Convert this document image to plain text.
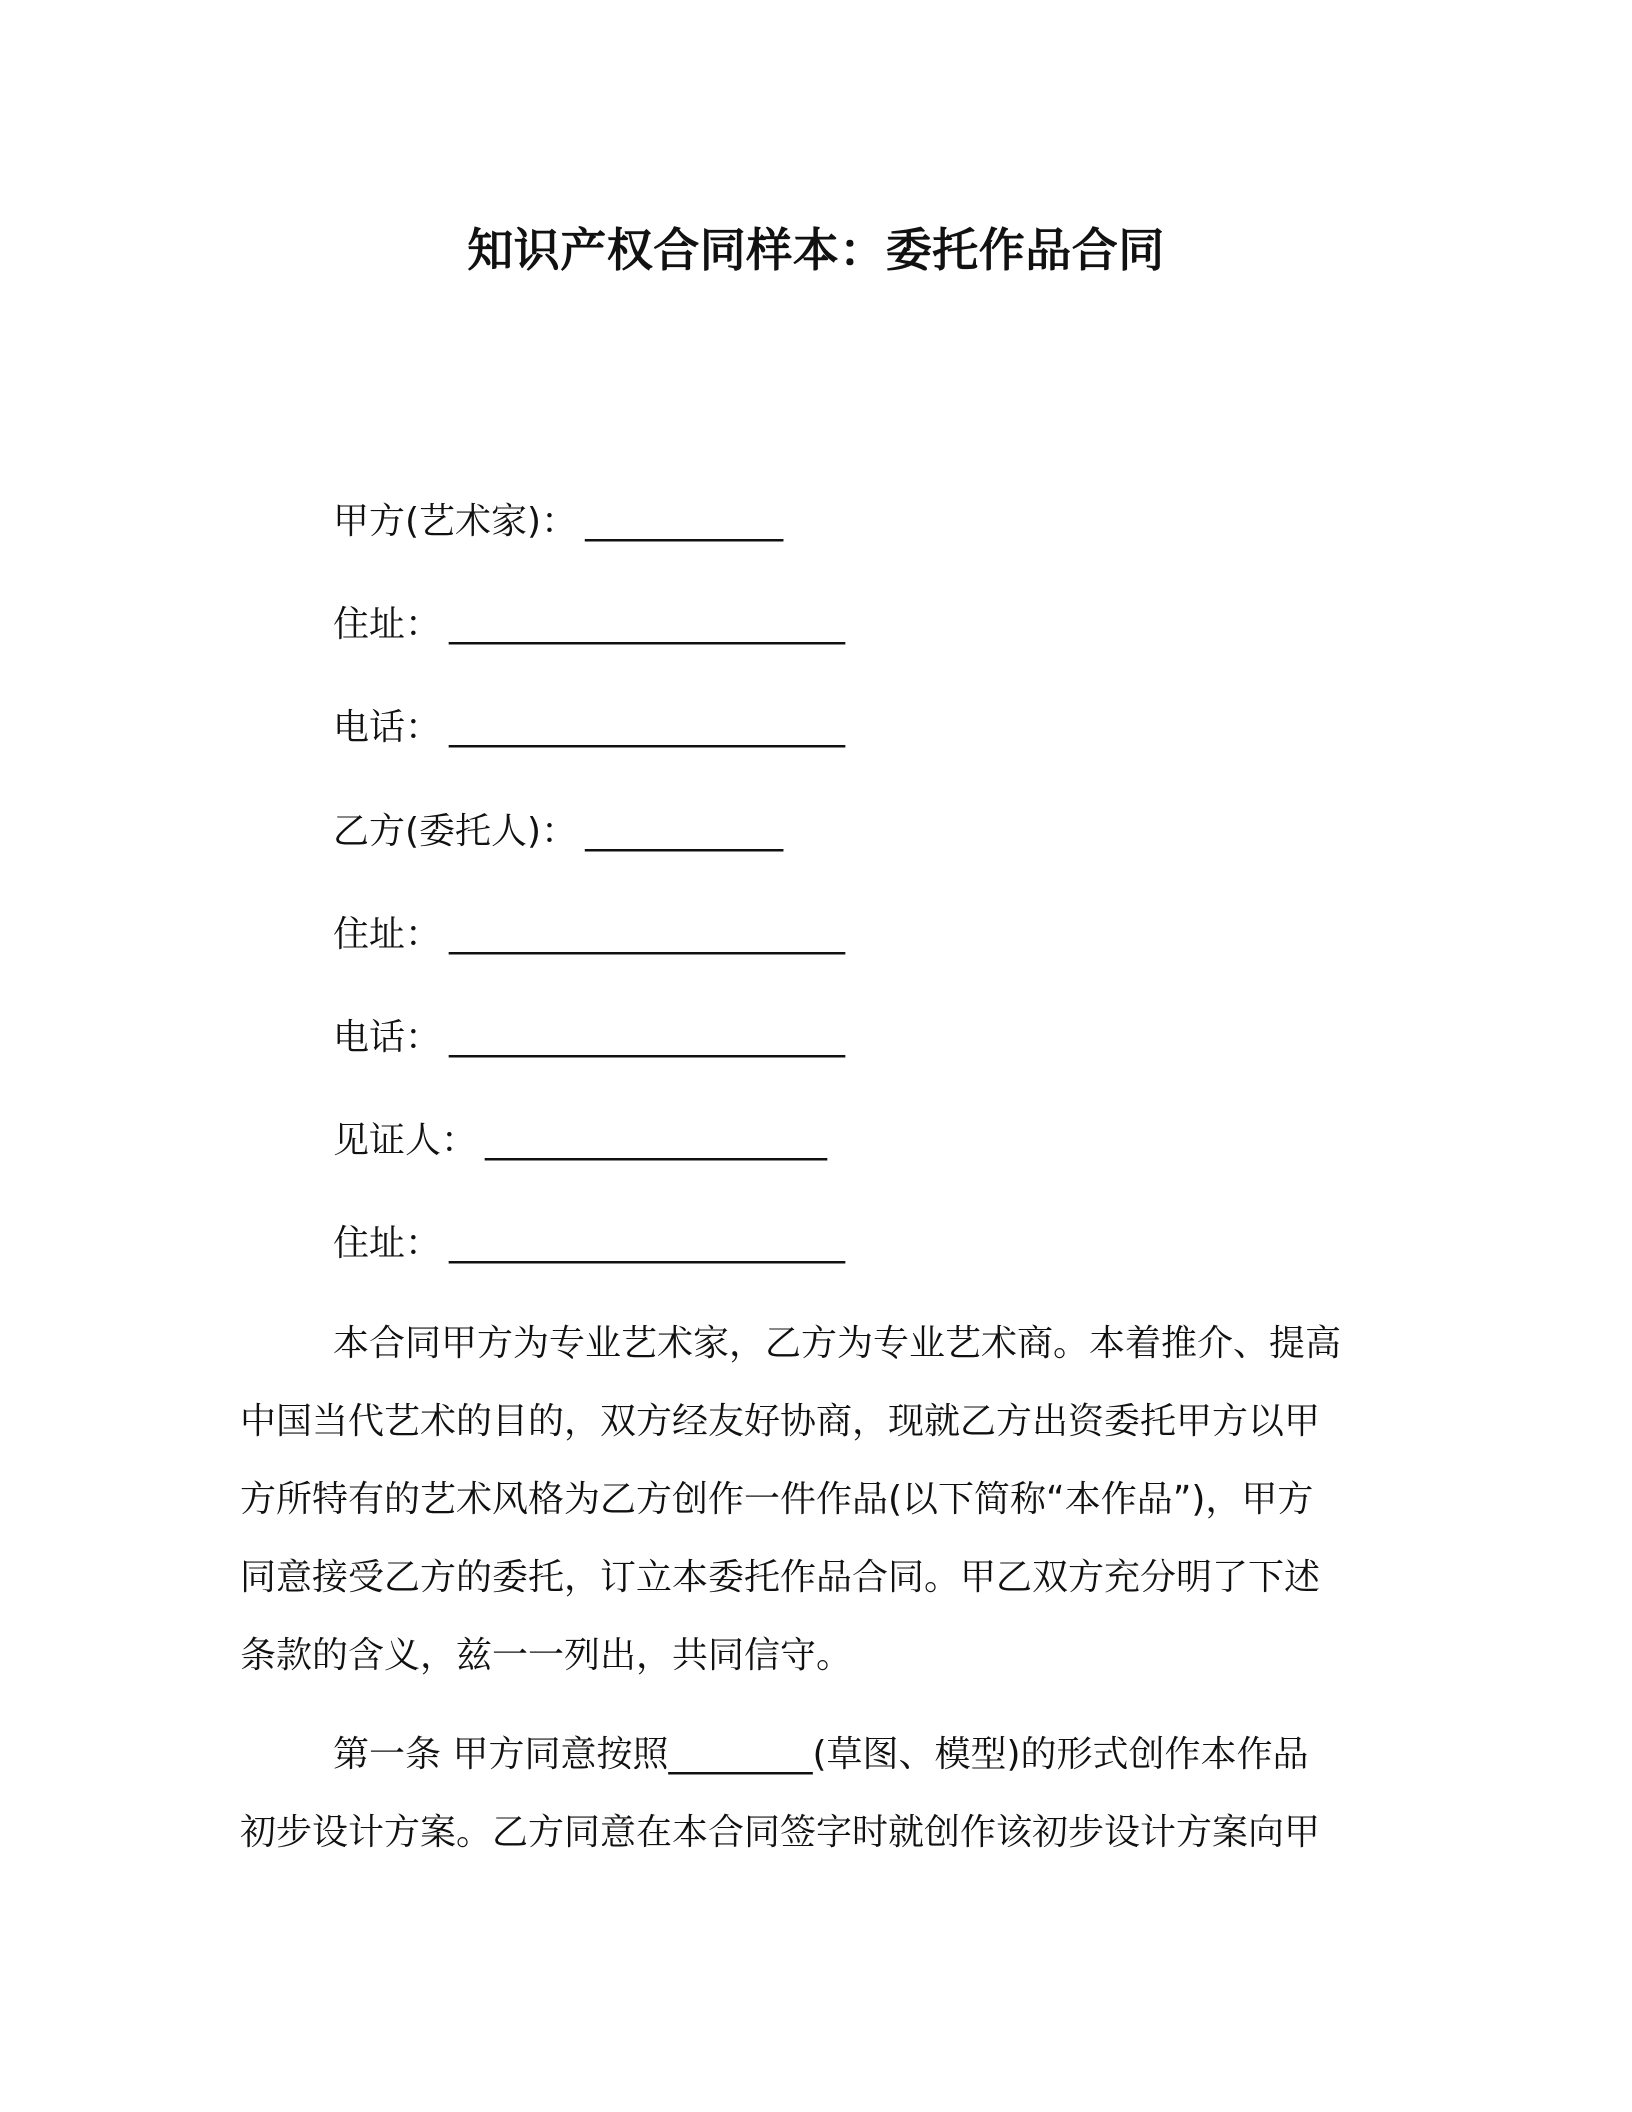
知识产权合同样本：委托作品合同
甲方(艺术家)： ___________
住址： ______________________
电话： ______________________
乙方(委托人)： ___________
住址： ______________________
电话： ______________________
见证人： ___________________
住址： ______________________
本合同甲方为专业艺术家，乙方为专业艺术商。本着推介、提高
中国当代艺术的目的，双方经友好协商，现就乙方出资委托甲方以甲
方所特有的艺术风格为乙方创作一件作品(以下简称“本作品”)，甲方
同意接受乙方的委托，订立本委托作品合同。甲乙双方充分明了下述
条款的含义，兹一一列出，共同信守。
第一条 甲方同意按照________(草图、模型)的形式创作本作品
初步设计方案。乙方同意在本合同签字时就创作该初步设计方案向甲
